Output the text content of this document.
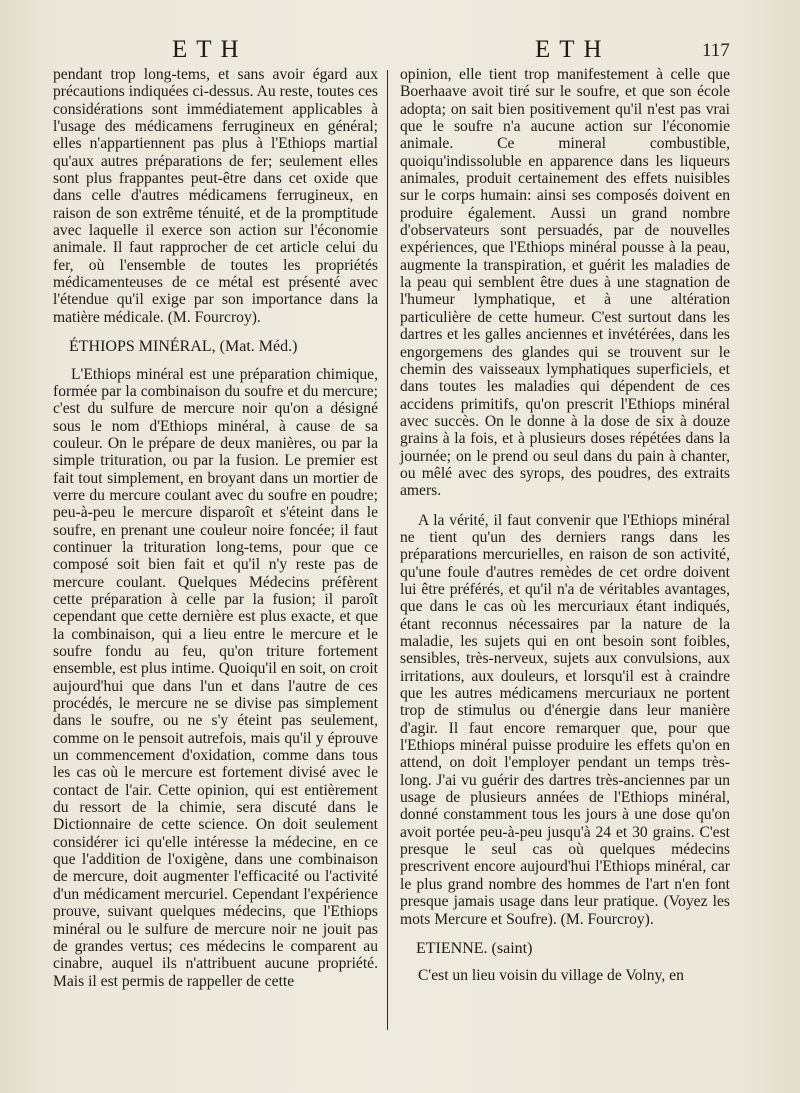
ETH	ETH	117

pendant trop long-tems, et sans avoir égard aux précautions indiquées ci-dessus. Au reste, toutes ces considérations sont immédiatement applicables à l'usage des médicamens ferrugineux en général; elles n'appartiennent pas plus à l'Ethiops martial qu'aux autres préparations de fer; seulement elles sont plus frappantes peut-être dans cet oxide que dans celle d'autres médicamens ferrugineux, en raison de son extrême ténuité, et de la promptitude avec laquelle il exerce son action sur l'économie animale. Il faut rapprocher de cet article celui du fer, où l'ensemble de toutes les propriétés médicamenteuses de ce métal est présenté avec l'étendue qu'il exige par son importance dans la matière médicale. (M. Fourcroy).

ÉTHIOPS MINÉRAL, (Mat. Méd.)

L'Ethiops minéral est une préparation chimique, formée par la combinaison du soufre et du mercure; c'est du sulfure de mercure noir qu'on a désigné sous le nom d'Ethiops minéral, à cause de sa couleur. On le prépare de deux manières, ou par la simple trituration, ou par la fusion. Le premier est fait tout simplement, en broyant dans un mortier de verre du mercure coulant avec du soufre en poudre; peu-à-peu le mercure disparoît et s'éteint dans le soufre, en prenant une couleur noire foncée; il faut continuer la trituration long-tems, pour que ce composé soit bien fait et qu'il n'y reste pas de mercure coulant. Quelques Médecins préfèrent cette préparation à celle par la fusion; il paroît cependant que cette dernière est plus exacte, et que la combinaison, qui a lieu entre le mercure et le soufre fondu au feu, qu'on triture fortement ensemble, est plus intime. Quoiqu'il en soit, on croit aujourd'hui que dans l'un et dans l'autre de ces procédés, le mercure ne se divise pas simplement dans le soufre, ou ne s'y éteint pas seulement, comme on le pensoit autrefois, mais qu'il y éprouve un commencement d'oxidation, comme dans tous les cas où le mercure est fortement divisé avec le contact de l'air. Cette opinion, qui est entièrement du ressort de la chimie, sera discuté dans le Dictionnaire de cette science. On doit seulement considérer ici qu'elle intéresse la médecine, en ce que l'addition de l'oxigène, dans une combinaison de mercure, doit augmenter l'efficacité ou l'activité d'un médicament mercuriel. Cependant l'expérience prouve, suivant quelques médecins, que l'Ethiops minéral ou le sulfure de mercure noir ne jouit pas de grandes vertus; ces médecins le comparent au cinabre, auquel ils n'attribuent aucune propriété. Mais il est permis de rappeller de cette

opinion, elle tient trop manifestement à celle que Boerhaave avoit tiré sur le soufre, et que son école adopta; on sait bien positivement qu'il n'est pas vrai que le soufre n'a aucune action sur l'économie animale. Ce mineral combustible, quoiqu'indissoluble en apparence dans les liqueurs animales, produit certainement des effets nuisibles sur le corps humain: ainsi ses composés doivent en produire également. Aussi un grand nombre d'observateurs sont persuadés, par de nouvelles expériences, que l'Ethiops minéral pousse à la peau, augmente la transpiration, et guérit les maladies de la peau qui semblent être dues à une stagnation de l'humeur lymphatique, et à une altération particulière de cette humeur. C'est surtout dans les dartres et les galles anciennes et invétérées, dans les engorgemens des glandes qui se trouvent sur le chemin des vaisseaux lymphatiques superficiels, et dans toutes les maladies qui dépendent de ces accidens primitifs, qu'on prescrit l'Ethiops minéral avec succès. On le donne à la dose de six à douze grains à la fois, et à plusieurs doses répétées dans la journée; on le prend ou seul dans du pain à chanter, ou mêlé avec des syrops, des poudres, des extraits amers.

A la vérité, il faut convenir que l'Ethiops minéral ne tient qu'un des derniers rangs dans les préparations mercurielles, en raison de son activité, qu'une foule d'autres remèdes de cet ordre doivent lui être préférés, et qu'il n'a de véritables avantages, que dans le cas où les mercuriaux étant indiqués, étant reconnus nécessaires par la nature de la maladie, les sujets qui en ont besoin sont foibles, sensibles, très-nerveux, sujets aux convulsions, aux irritations, aux douleurs, et lorsqu'il est à craindre que les autres médicamens mercuriaux ne portent trop de stimulus ou d'énergie dans leur manière d'agir. Il faut encore remarquer que, pour que l'Ethiops minéral puisse produire les effets qu'on en attend, on doit l'employer pendant un temps très-long. J'ai vu guérir des dartres très-anciennes par un usage de plusieurs années de l'Ethiops minéral, donné constamment tous les jours à une dose qu'on avoit portée peu-à-peu jusqu'à 24 et 30 grains. C'est presque le seul cas où quelques médecins prescrivent encore aujourd'hui l'Ethiops minéral, car le plus grand nombre des hommes de l'art n'en font presque jamais usage dans leur pratique. (Voyez les mots Mercure et Soufre). (M. Fourcroy).

ETIENNE. (saint)

C'est un lieu voisin du village de Volny, en
